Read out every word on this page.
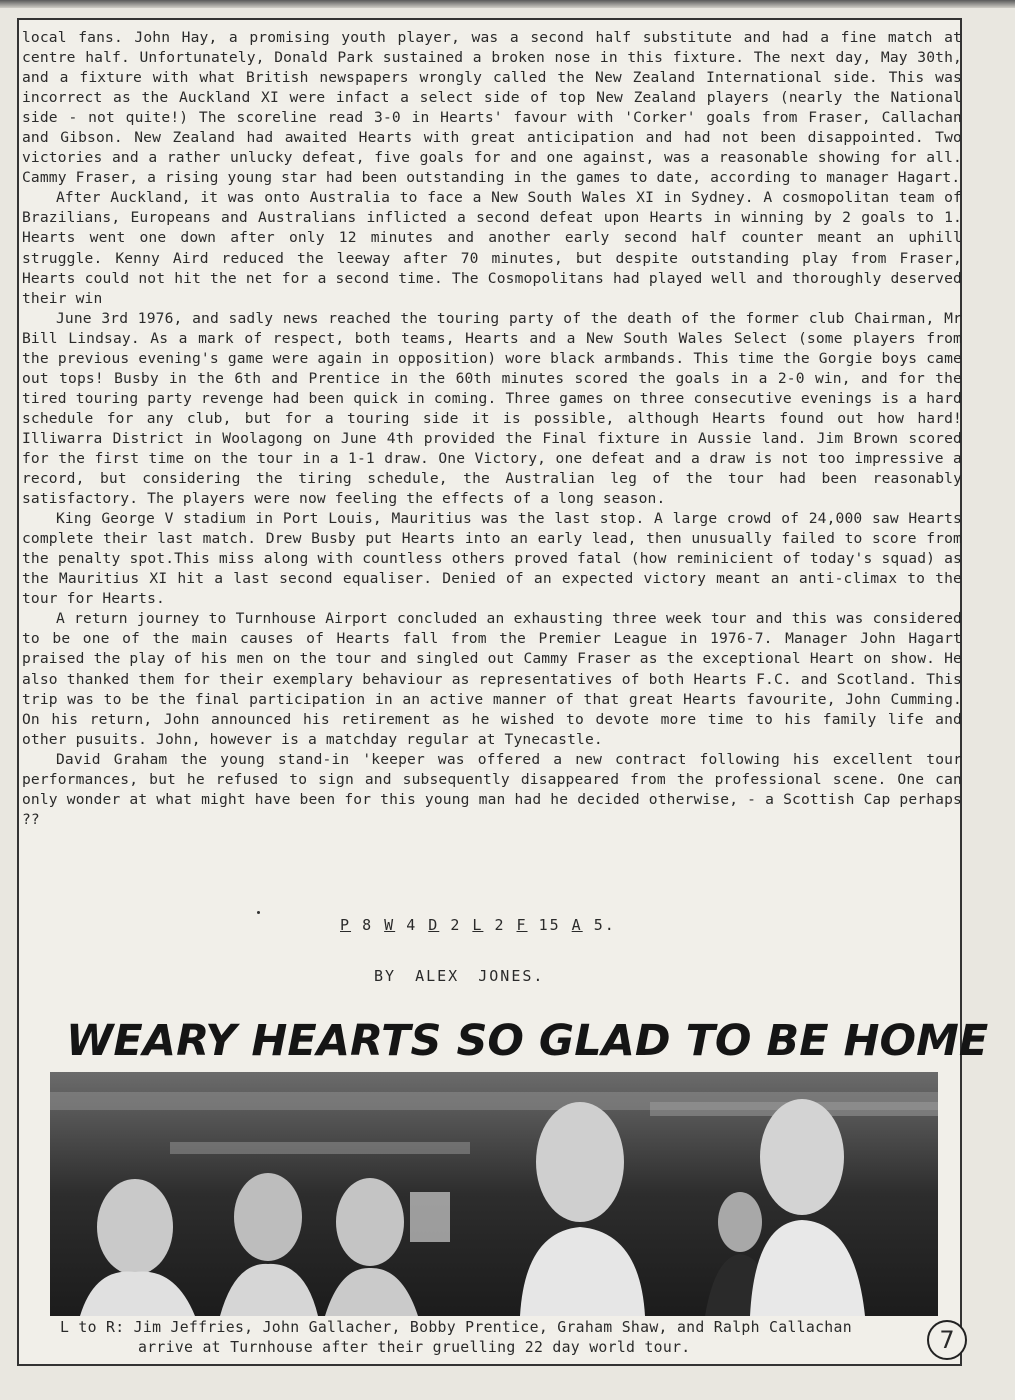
local fans. John Hay, a promising youth player, was a second half substitute and had a fine match at centre half. Unfortunately, Donald Park sustained a broken nose in this fixture. The next day, May 30th, and a fixture with what British newspapers wrongly called the New Zealand International side. This was incorrect as the Auckland XI were infact a select side of top New Zealand players (nearly the National side - not quite!) The scoreline read 3-0 in Hearts' favour with 'Corker' goals from Fraser, Callachan and Gibson. New Zealand had awaited Hearts with great anticipation and had not been disappointed. Two victories and a rather unlucky defeat, five goals for and one against, was a reasonable showing for all. Cammy Fraser, a rising young star had been outstanding in the games to date, according to manager Hagart.

After Auckland, it was onto Australia to face a New South Wales XI in Sydney. A cosmopolitan team of Brazilians, Europeans and Australians inflicted a second defeat upon Hearts in winning by 2 goals to 1. Hearts went one down after only 12 minutes and another early second half counter meant an uphill struggle. Kenny Aird reduced the leeway after 70 minutes, but despite outstanding play from Fraser, Hearts could not hit the net for a second time. The Cosmopolitans had played well and thoroughly deserved their win

June 3rd 1976, and sadly news reached the touring party of the death of the former club Chairman, Mr Bill Lindsay. As a mark of respect, both teams, Hearts and a New South Wales Select (some players from the previous evening's game were again in opposition) wore black armbands. This time the Gorgie boys came out tops! Busby in the 6th and Prentice in the 60th minutes scored the goals in a 2-0 win, and for the tired touring party revenge had been quick in coming. Three games on three consecutive evenings is a hard schedule for any club, but for a touring side it is possible, although Hearts found out how hard! Illiwarra District in Woolagong on June 4th provided the Final fixture in Aussie land. Jim Brown scored for the first time on the tour in a 1-1 draw. One Victory, one defeat and a draw is not too impressive a record, but considering the tiring schedule, the Australian leg of the tour had been reasonably satisfactory. The players were now feeling the effects of a long season.

King George V stadium in Port Louis, Mauritius was the last stop. A large crowd of 24,000 saw Hearts complete their last match. Drew Busby put Hearts into an early lead, then unusually failed to score from the penalty spot.This miss along with countless others proved fatal (how reminicient of today's squad) as the Mauritius XI hit a last second equaliser. Denied of an expected victory meant an anti-climax to the tour for Hearts.

A return journey to Turnhouse Airport concluded an exhausting three week tour and this was considered to be one of the main causes of Hearts fall from the Premier League in 1976-7. Manager John Hagart praised the play of his men on the tour and singled out Cammy Fraser as the exceptional Heart on show. He also thanked them for their exemplary behaviour as representatives of both Hearts F.C. and Scotland. This trip was to be the final participation in an active manner of that great Hearts favourite, John Cumming. On his return, John announced his retirement as he wished to devote more time to his family life and other pusuits. John, however is a matchday regular at Tynecastle.

David Graham the young stand-in 'keeper was offered a new contract following his excellent tour performances, but he refused to sign and subsequently disappeared from the professional scene. One can only wonder at what might have been for this young man had he decided otherwise, - a Scottish Cap perhaps ??

P 8 W 4 D 2 L 2 F 15 A 5.
BY ALEX JONES.
WEARY HEARTS SO GLAD TO BE HOME
L to R: Jim Jeffries, John Gallacher, Bobby Prentice, Graham Shaw, and Ralph Callachan
arrive at Turnhouse after their gruelling 22 day world tour.	7
